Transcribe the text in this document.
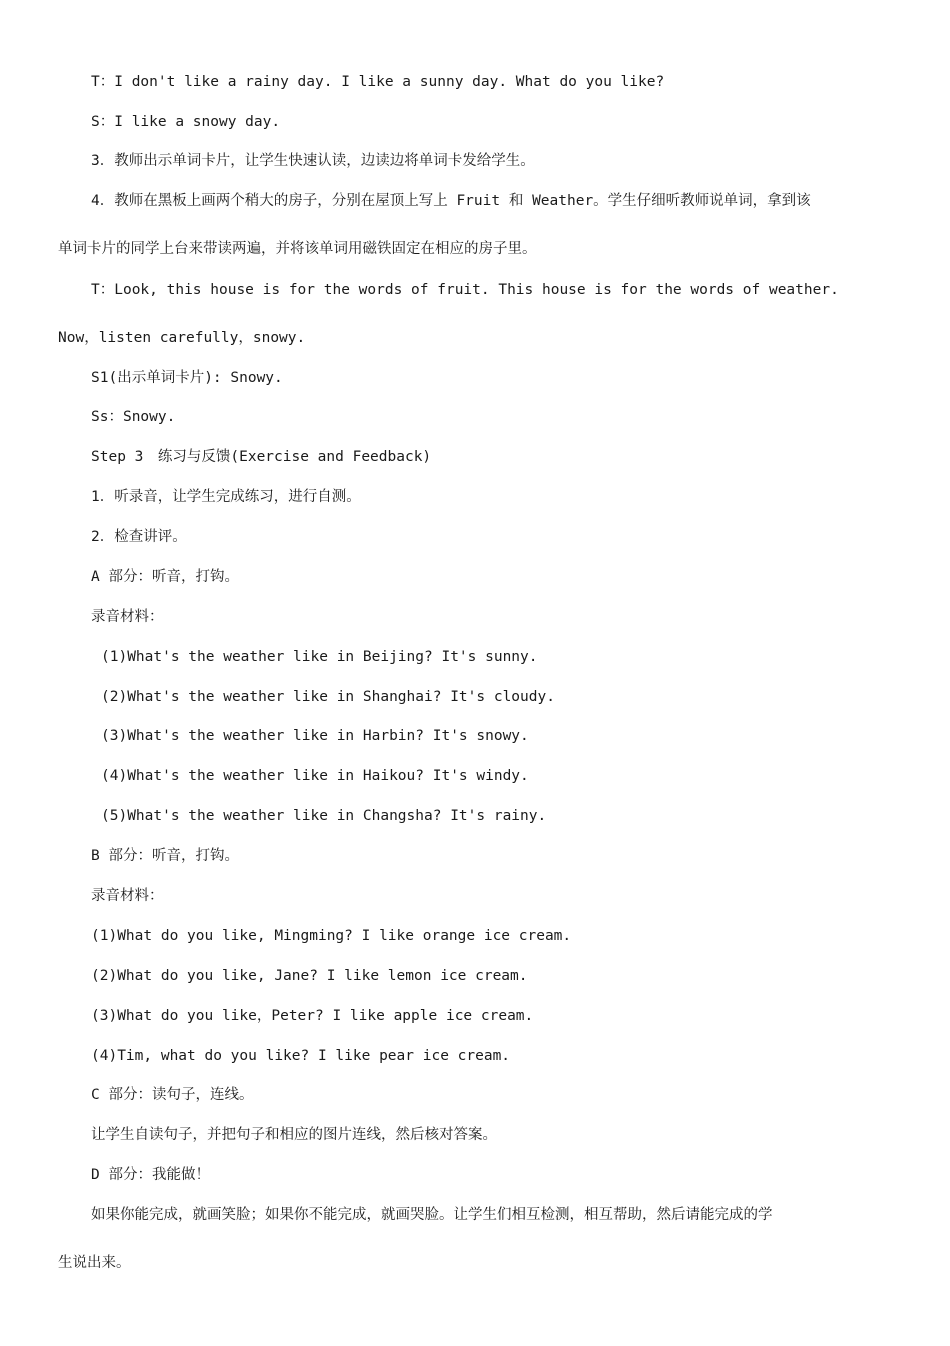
T：I don't like a rainy day. I like a sunny day. What do you like?
S：I like a snowy day.
3．教师出示单词卡片，让学生快速认读，边读边将单词卡发给学生。
4．教师在黑板上画两个稍大的房子，分别在屋顶上写上 Fruit 和 Weather。学生仔细听教师说单词，拿到该
单词卡片的同学上台来带读两遍，并将该单词用磁铁固定在相应的房子里。
T：Look, this house is for the words of fruit. This house is for the words of weather.
Now，listen carefully，snowy.
S1(出示单词卡片): Snowy.
Ss：Snowy.
Step 3　练习与反馈(Exercise and Feedback)
1．听录音，让学生完成练习，进行自测。
2．检查讲评。
A 部分：听音，打钩。
录音材料：
(1)What's the weather like in Beijing? It's sunny.
(2)What's the weather like in Shanghai? It's cloudy.
(3)What's the weather like in Harbin? It's snowy.
(4)What's the weather like in Haikou? It's windy.
(5)What's the weather like in Changsha? It's rainy.
B 部分：听音，打钩。
录音材料：
(1)What do you like, Mingming? I like orange ice cream.
(2)What do you like, Jane? I like lemon ice cream.
(3)What do you like，Peter? I like apple ice cream.
(4)Tim, what do you like? I like pear ice cream.
C 部分：读句子，连线。
让学生自读句子，并把句子和相应的图片连线，然后核对答案。
D 部分：我能做！
如果你能完成，就画笑脸；如果你不能完成，就画哭脸。让学生们相互检测，相互帮助，然后请能完成的学
生说出来。
